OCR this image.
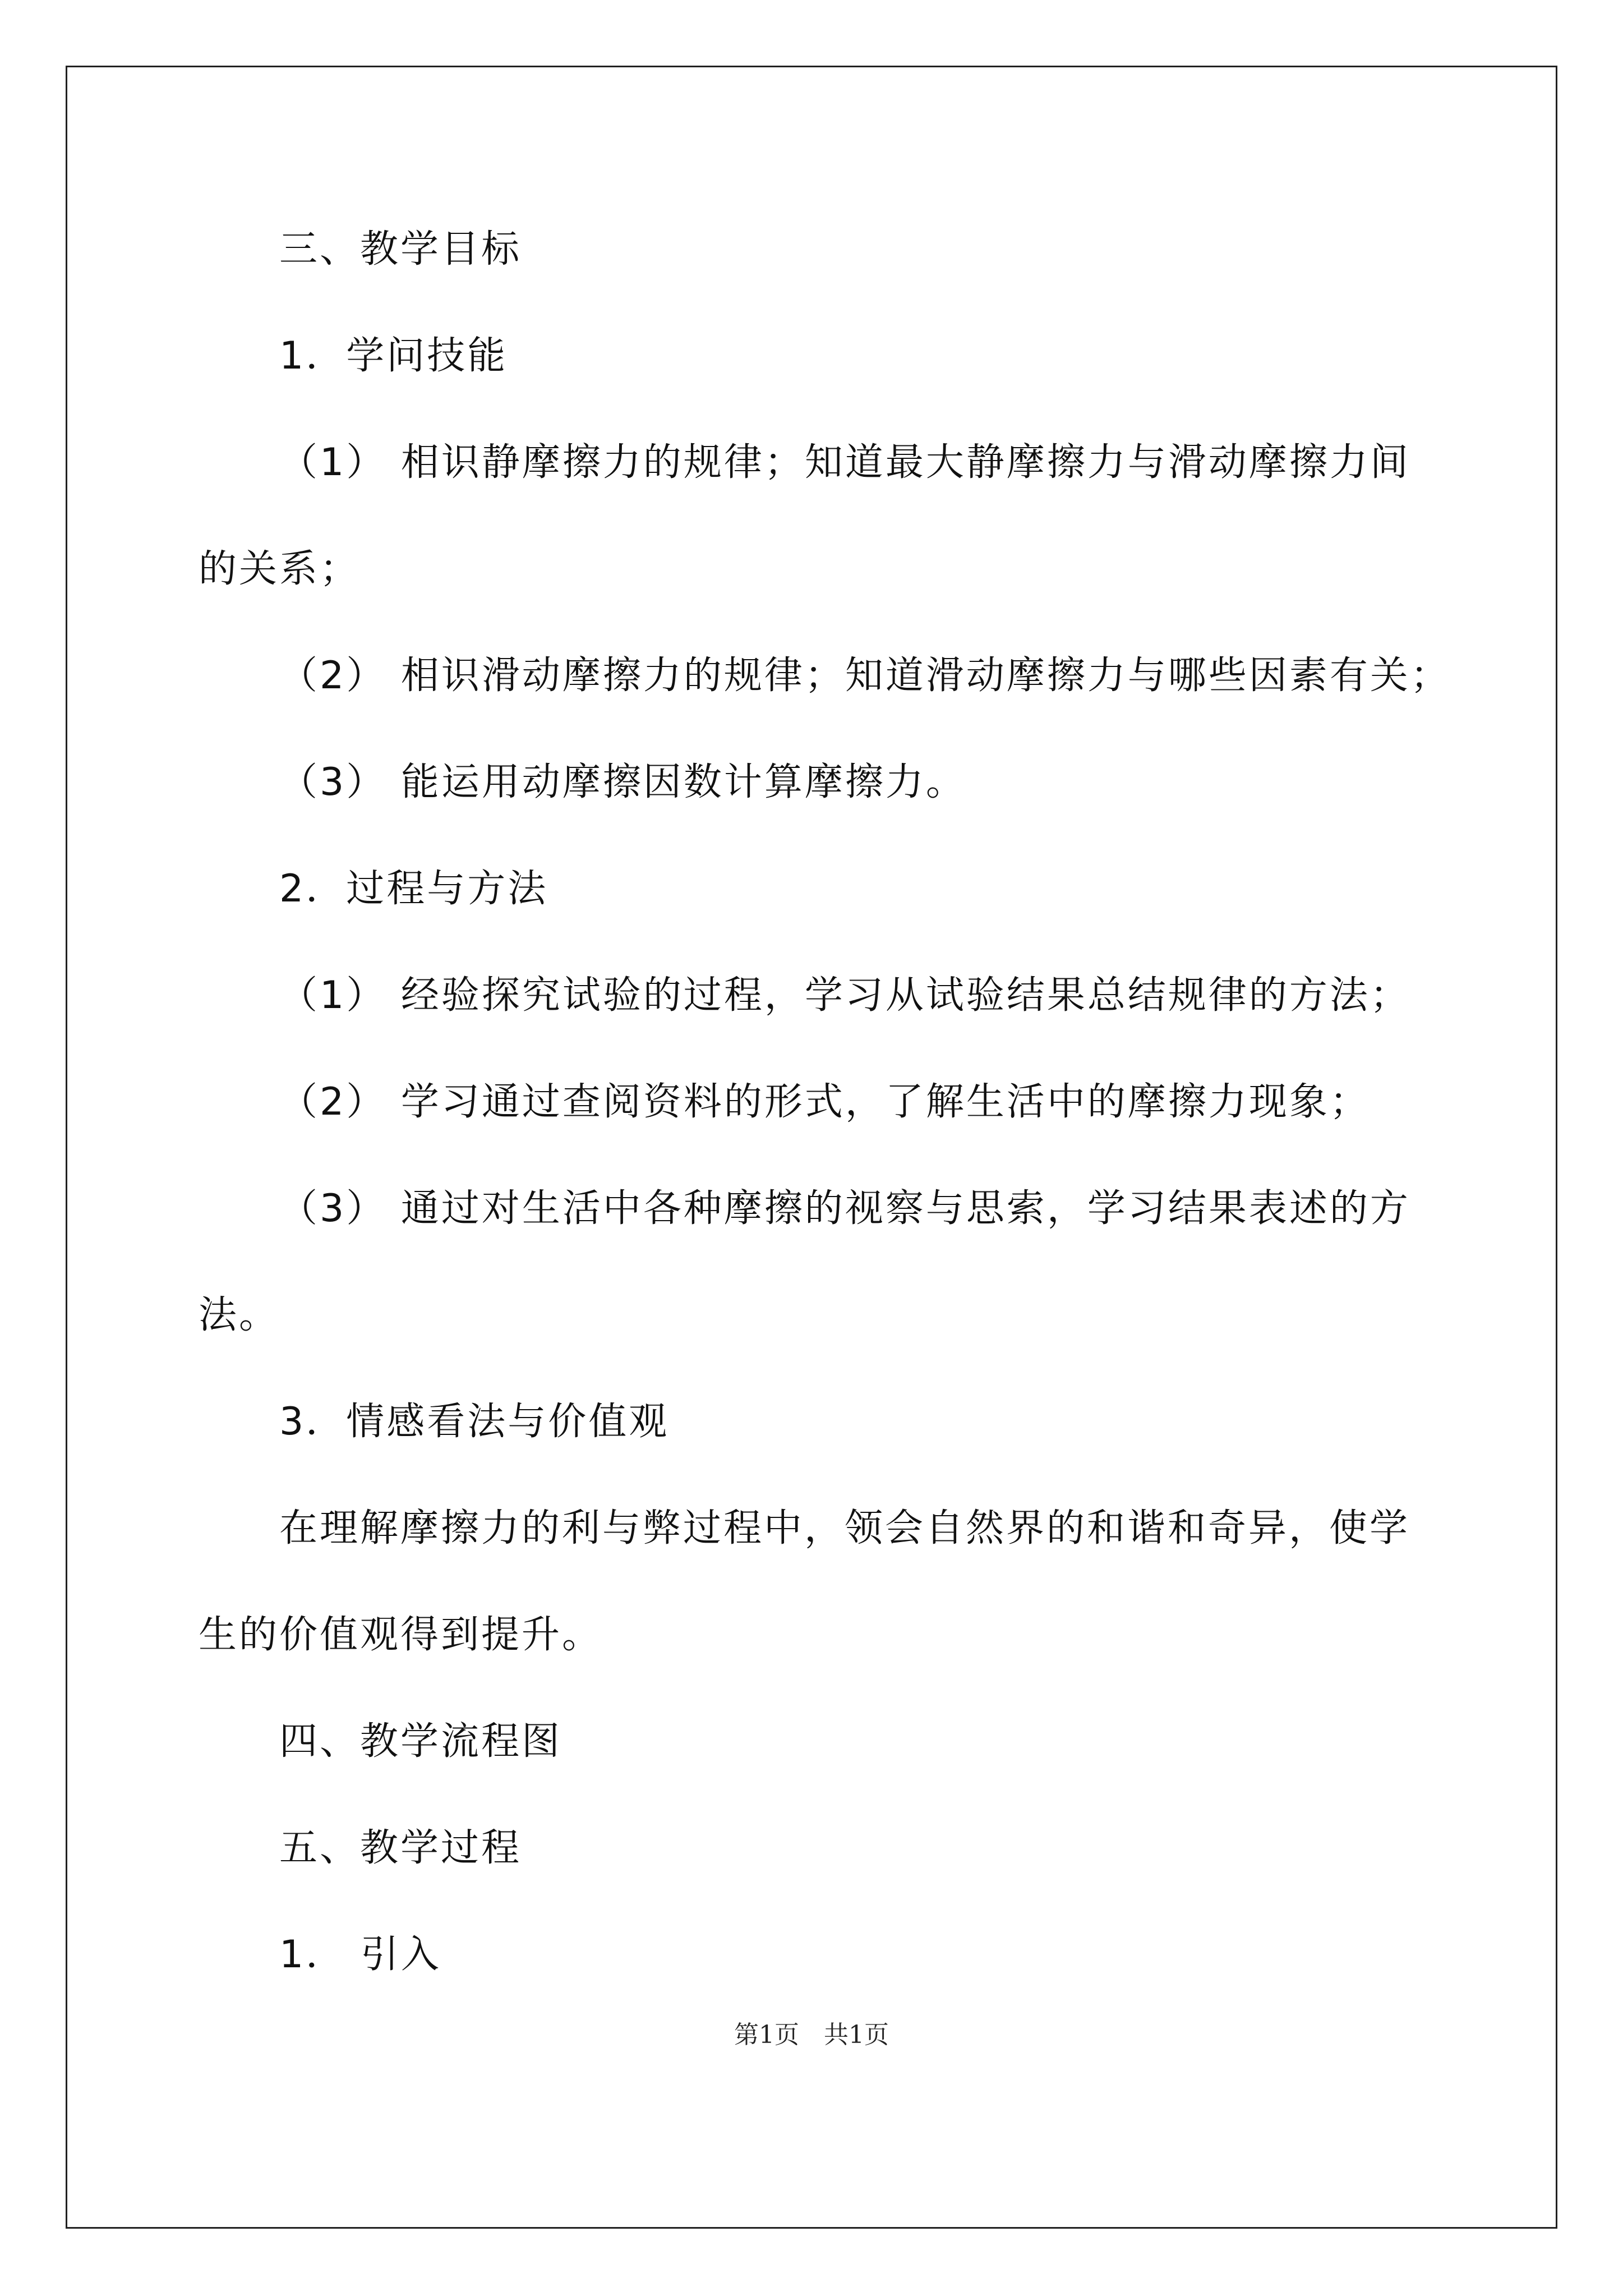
三、教学目标
1．学问技能
（1） 相识静摩擦力的规律；知道最大静摩擦力与滑动摩擦力间
的关系；
（2） 相识滑动摩擦力的规律；知道滑动摩擦力与哪些因素有关；
（3） 能运用动摩擦因数计算摩擦力。
2．过程与方法
（1） 经验探究试验的过程，学习从试验结果总结规律的方法；
（2） 学习通过查阅资料的形式，了解生活中的摩擦力现象；
（3） 通过对生活中各种摩擦的视察与思索，学习结果表述的方
法。
3．情感看法与价值观
在理解摩擦力的利与弊过程中，领会自然界的和谐和奇异，使学
生的价值观得到提升。
四、教学流程图
五、教学过程
1． 引入
第1页　共1页
